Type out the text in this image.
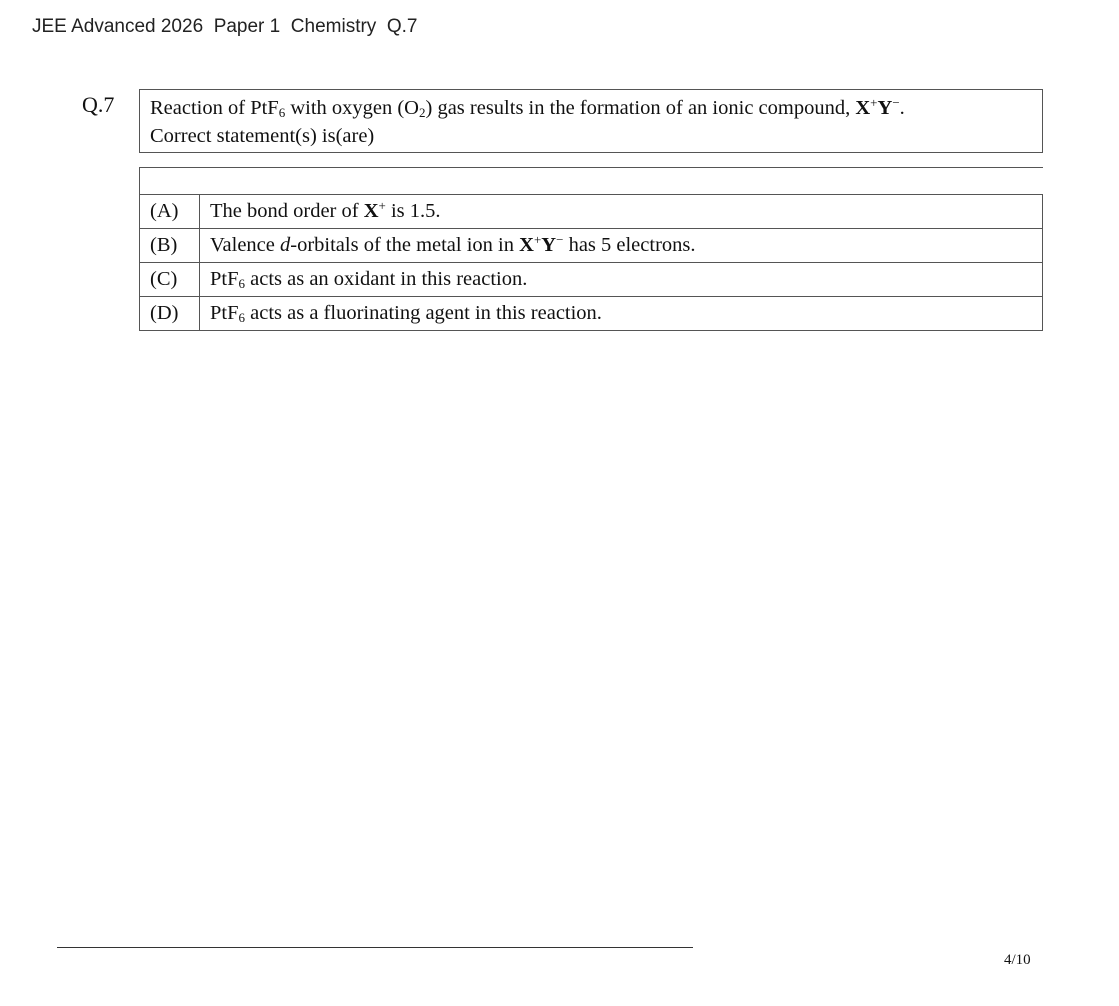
JEE Advanced 2026  Paper 1  Chemistry  Q.7
Q.7 Reaction of PtF$_6$ with oxygen $(O_2)$ gas results in the formation of an ionic compound, X+Y−.
Correct statement(s) is(are)
(A)	The bond order of X+ is 1.5.
(B)	Valence d-orbitals of the metal ion in X+Y− has 5 electrons.
(C)	PtF$_6$ acts as an oxidant in this reaction.
(D)	PtF$_6$ acts as a fluorinating agent in this reaction.
4/10
